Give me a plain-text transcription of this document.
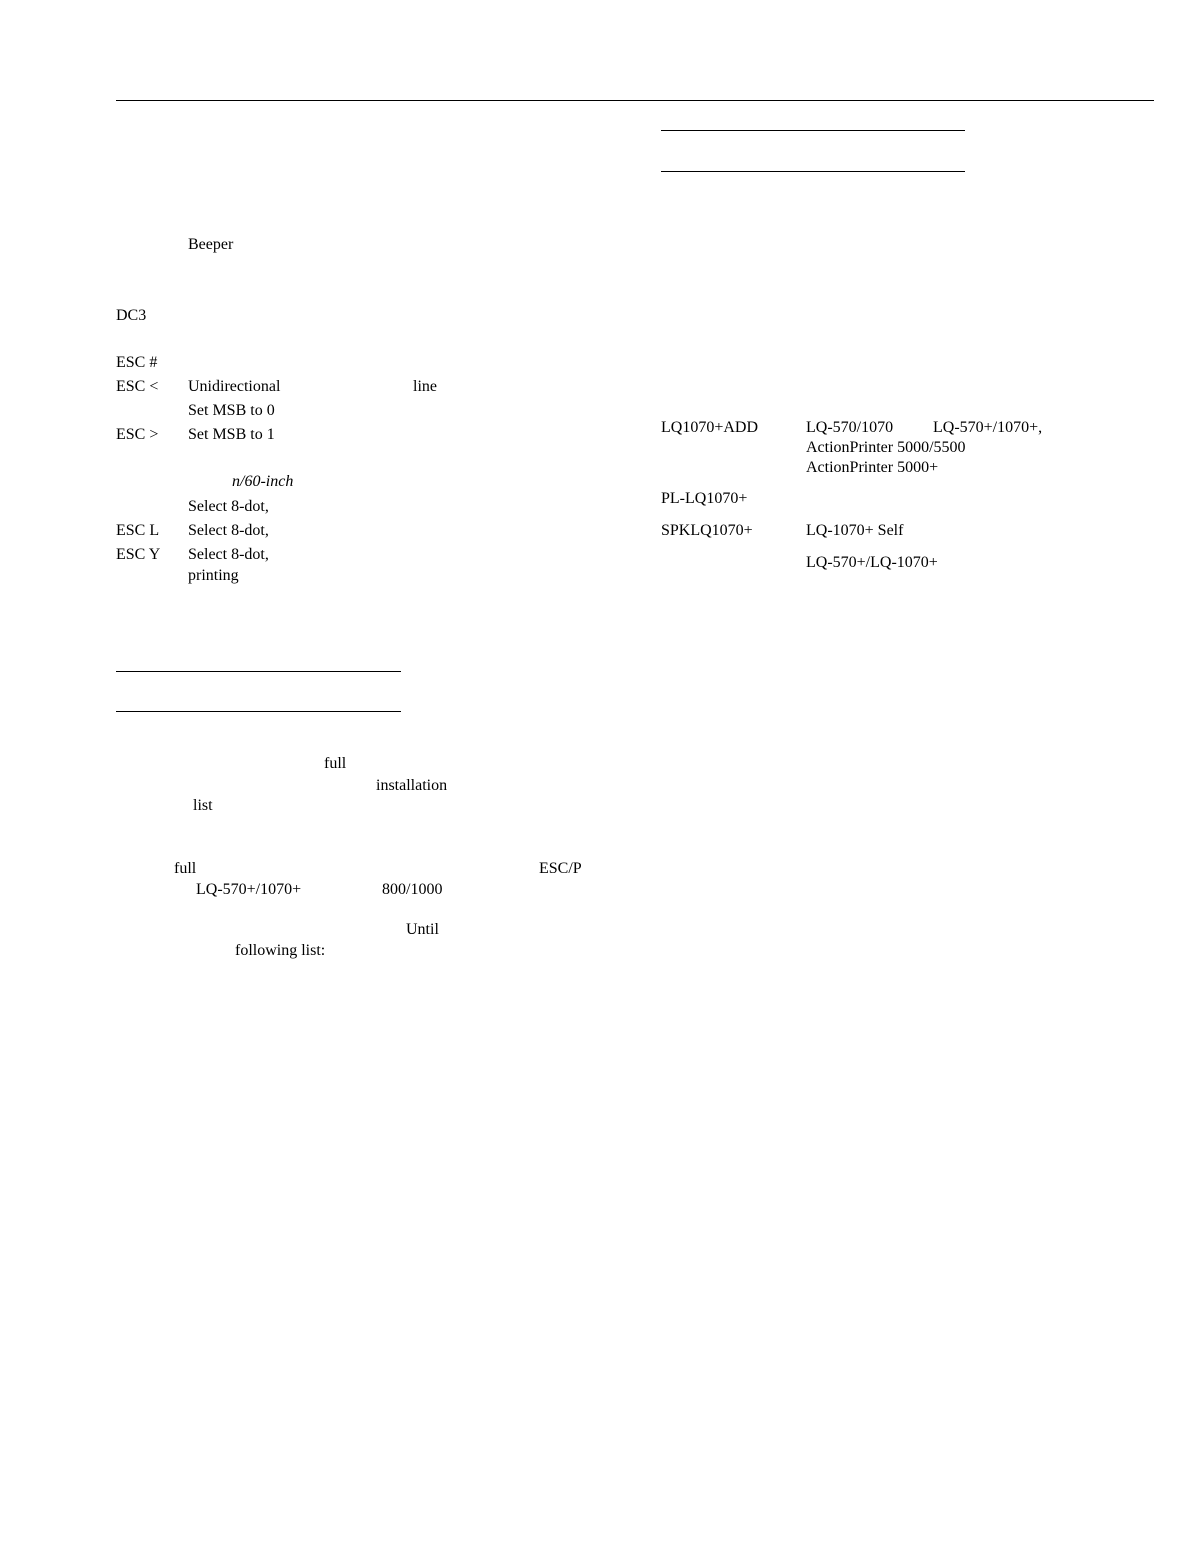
Beeper
DC3
ESC #
ESC < Unidirectional	line
Set MSB to 0
ESC > Set MSB to 1
n/60-inch
Select 8-dot,
ESC L Select 8-dot,
ESC Y Select 8-dot,
printing
full
installation
list
full	ESC/P
LQ-570+/1070+	800/1000
Until
following list:
LQ1070+ADD	LQ-570/1070 LQ-570+/1070+,
ActionPrinter 5000/5500
ActionPrinter 5000+
PL-LQ1070+
SPKLQ1070+	LQ-1070+ Self
LQ-570+/LQ-1070+
